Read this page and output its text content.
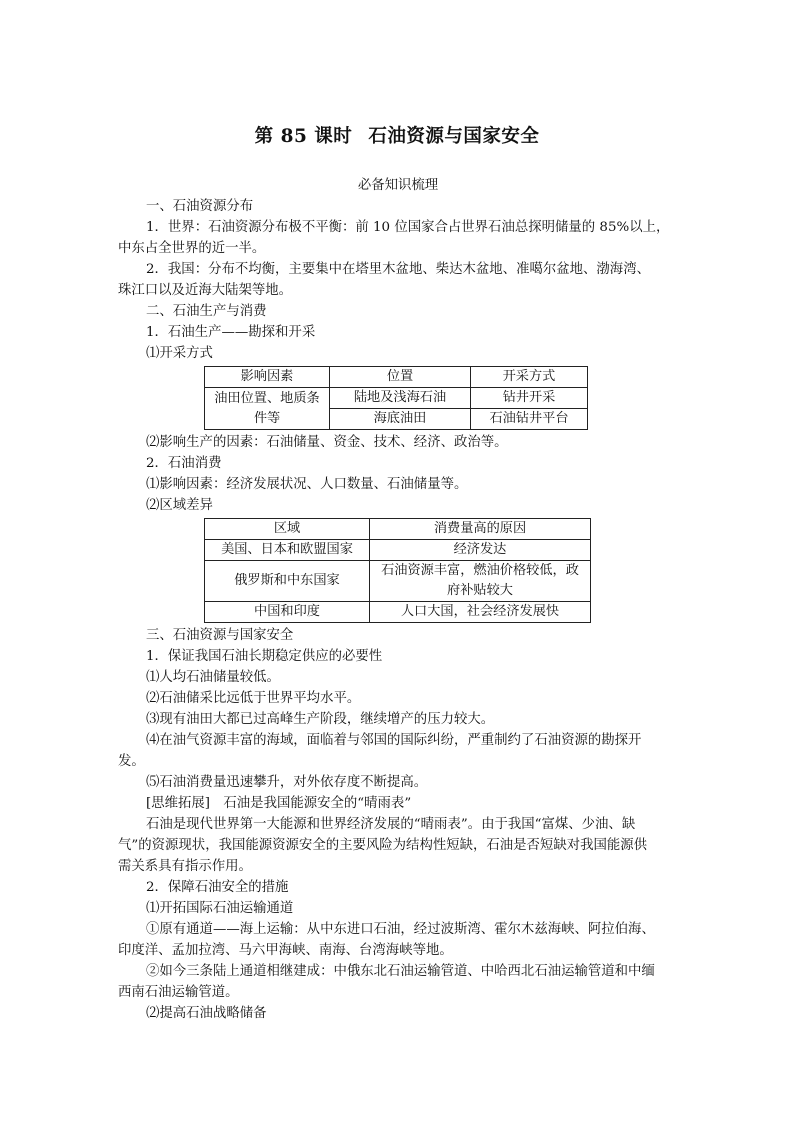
第 85 课时 石油资源与国家安全
必备知识梳理
一、石油资源分布
1．世界：石油资源分布极不平衡：前 10 位国家合占世界石油总探明储量的 85%以上，
中东占全世界的近一半。
2．我国：分布不均衡，主要集中在塔里木盆地、柴达木盆地、准噶尔盆地、渤海湾、
珠江口以及近海大陆架等地。
二、石油生产与消费
1．石油生产——勘探和开采
⑴开采方式
影响因素	位置	开采方式

油田位置、地质条
件等	陆地及浅海石油	钻井开采
	海底油田	石油钻井平台
⑵影响生产的因素：石油储量、资金、技术、经济、政治等。
2．石油消费
⑴影响因素：经济发展状况、人口数量、石油储量等。
⑵区域差异
区域	消费量高的原因
美国、日本和欧盟国家	经济发达
俄罗斯和中东国家	石油资源丰富，燃油价格较低，政
府补贴较大

中国和印度	人口大国，社会经济发展快
三、石油资源与国家安全
1．保证我国石油长期稳定供应的必要性
⑴人均石油储量较低。
⑵石油储采比远低于世界平均水平。
⑶现有油田大都已过高峰生产阶段，继续增产的压力较大。
⑷在油气资源丰富的海域，面临着与邻国的国际纠纷，严重制约了石油资源的勘探开
发。
⑸石油消费量迅速攀升，对外依存度不断提高。
[思维拓展]　石油是我国能源安全的“晴雨表”
石油是现代世界第一大能源和世界经济发展的“晴雨表”。由于我国“富煤、少油、缺
气”的资源现状，我国能源资源安全的主要风险为结构性短缺，石油是否短缺对我国能源供
需关系具有指示作用。
2．保障石油安全的措施
⑴开拓国际石油运输通道
①原有通道——海上运输：从中东进口石油，经过波斯湾、霍尔木兹海峡、阿拉伯海、
印度洋、孟加拉湾、马六甲海峡、南海、台湾海峡等地。
②如今三条陆上通道相继建成：中俄东北石油运输管道、中哈西北石油运输管道和中缅
西南石油运输管道。
⑵提高石油战略储备
